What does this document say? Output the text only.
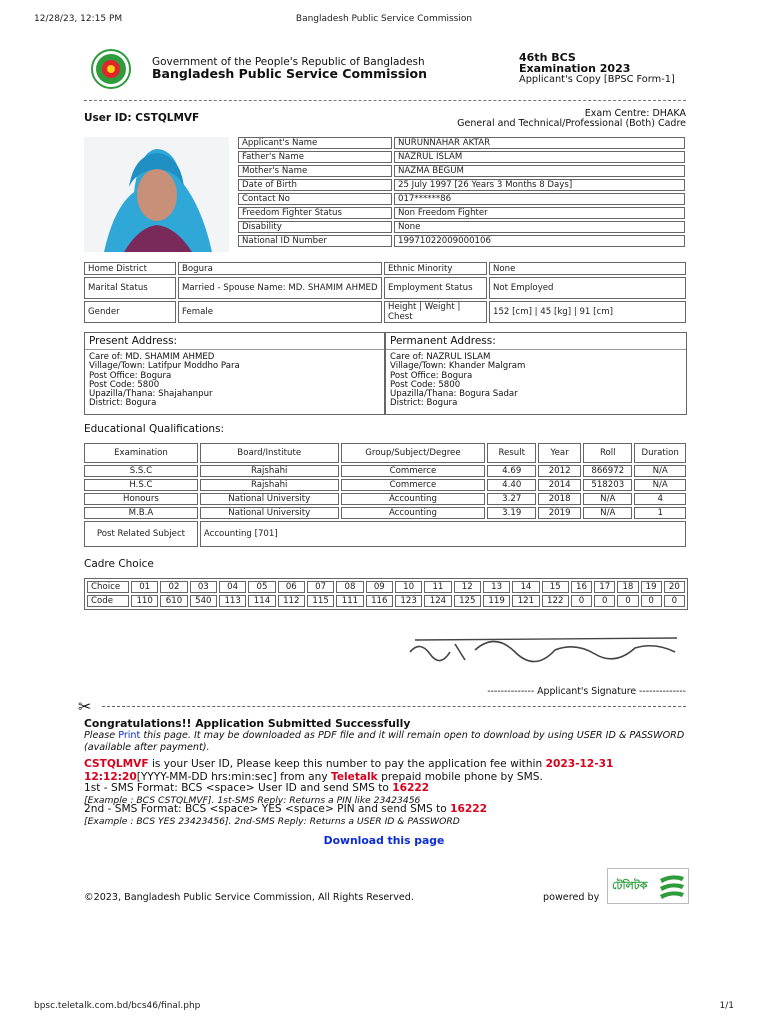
12/28/23, 12:15 PM	Bangladesh Public Service Commission
Government of the People's Republic of Bangladesh
Bangladesh Public Service Commission
46th BCS
Examination 2023
Applicant's Copy [BPSC Form-1]
User ID: CSTQLMVF	Exam Centre: DHAKA
General and Technical/Professional (Both) Cadre
Applicant's Name	NURUNNAHAR AKTAR
Father's Name	NAZRUL ISLAM
Mother's Name	NAZMA BEGUM
Date of Birth	25 July 1997 [26 Years 3 Months 8 Days]
Contact No	017******86
Freedom Fighter Status	Non Freedom Fighter
Disability	None
National ID Number	19971022009000106
Home District	Bogura	Ethnic Minority	None
Marital Status	Married - Spouse Name: MD. SHAMIM AHMED	Employment Status	Not Employed
Gender	Female	Height | Weight | Chest	152 [cm] | 45 [kg] | 91 [cm]
Present Address:
Care of: MD. SHAMIM AHMED
Village/Town: Latifpur Moddho Para
Post Office: Bogura
Post Code: 5800
Upazilla/Thana: Shajahanpur
District: Bogura
Permanent Address:
Care of: NAZRUL ISLAM
Village/Town: Khander Malgram
Post Office: Bogura
Post Code: 5800
Upazilla/Thana: Bogura Sadar
District: Bogura
Educational Qualifications:
Examination	Board/Institute	Group/Subject/Degree	Result	Year	Roll	Duration
S.S.C	Rajshahi	Commerce	4.69	2012	866972	N/A
H.S.C	Rajshahi	Commerce	4.40	2014	518203	N/A
Honours	National University	Accounting	3.27	2018	N/A	4
M.B.A	National University	Accounting	3.19	2019	N/A	1
Post Related Subject	Accounting [701]					
Cadre Choice
Choice	01	02	03	04	05	06	07	08	09	10	11	12	13	14	15	16	17	18	19	20
Code	110	610	540	113	114	112	115	111	116	123	124	125	119	121	122	0	0	0	0	0
-------------- Applicant's Signature --------------
✂
Congratulations!! Application Submitted Successfully
Please Print this page. It may be downloaded as PDF file and it will remain open to download by using USER ID & PASSWORD (available after payment).
CSTQLMVF is your User ID, Please keep this number to pay the application fee within 2023-12-31 12:12:20[YYYY-MM-DD hrs:min:sec] from any Teletalk prepaid mobile phone by SMS.
1st - SMS Format: BCS <space> User ID and send SMS to 16222
[Example : BCS CSTQLMVF]. 1st-SMS Reply: Returns a PIN like 23423456
2nd - SMS Format: BCS <space> YES <space> PIN and send SMS to 16222
[Example : BCS YES 23423456]. 2nd-SMS Reply: Returns a USER ID & PASSWORD
Download this page
©2023, Bangladesh Public Service Commission, All Rights Reserved.	powered by
টেলিটক
bpsc.teletalk.com.bd/bcs46/final.php	1/1
